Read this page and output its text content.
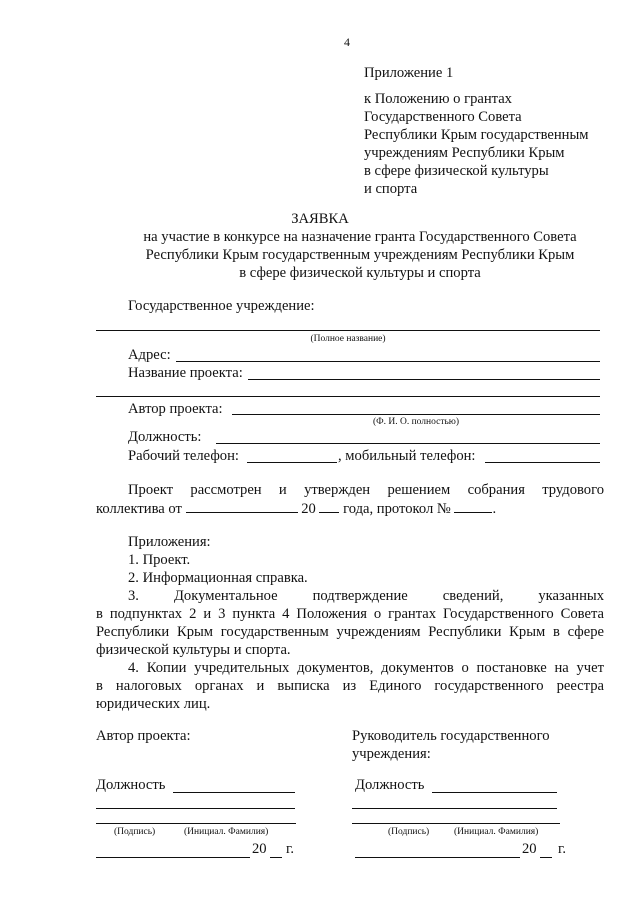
4
Приложение 1
к Положению о грантах
Государственного Совета
Республики Крым государственным
учреждениям Республики Крым
в сфере физической культуры
и спорта
ЗАЯВКА
на участие в конкурсе на назначение гранта Государственного Совета
Республики Крым государственным учреждениям Республики Крым
в сфере физической культуры и спорта
Государственное учреждение:
(Полное название)
Адрес:
Название проекта:
Автор проекта:
(Ф. И. О. полностью)
Должность:
Рабочий телефон:	, мобильный телефон:
Проект рассмотрен и утвержден решением собрания трудового
коллектива от	20 года, протокол №	.
Приложения:
1. Проект.
2. Информационная справка.
3. Документальное подтверждение сведений, указанных
в подпунктах 2 и 3 пункта 4 Положения о грантах Государственного Совета
Республики Крым государственным учреждениям Республики Крым в сфере
физической культуры и спорта.
4. Копии учредительных документов, документов о постановке на учет
в налоговых органах и выписка из Единого государственного реестра
юридических лиц.
Автор проекта:
Должность
(Подпись)	(Инициал. Фамилия)
20 г.
Руководитель государственного
учреждения:
Должность
(Подпись)	(Инициал. Фамилия)
20 г.
